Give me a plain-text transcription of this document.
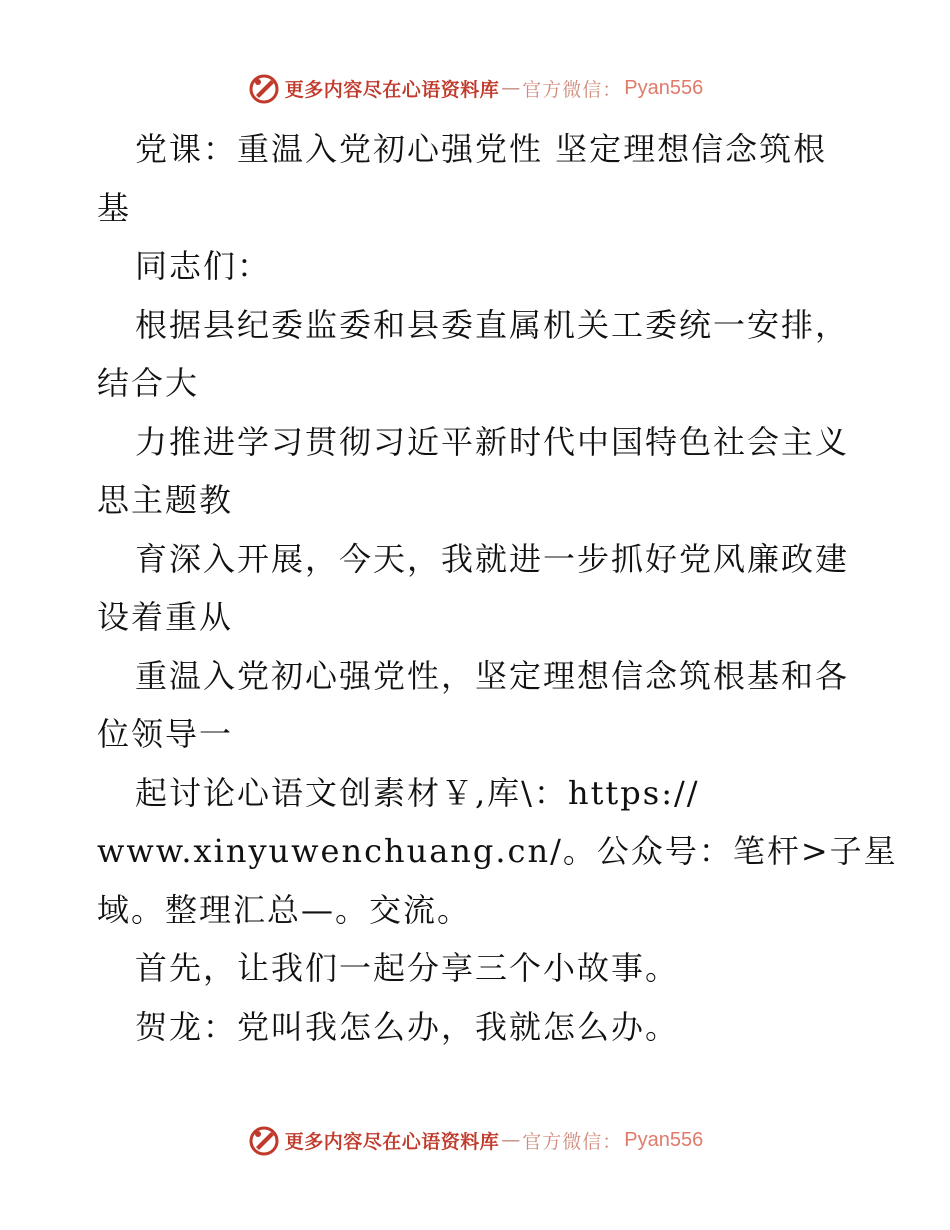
更多内容尽在心语资料库 — 官方微信： Pyan556
党课：重温入党初心强党性 坚定理想信念筑根
基
同志们：
根据县纪委监委和县委直属机关工委统一安排，
结合大
力推进学习贯彻习近平新时代中国特色社会主义
思主题教
育深入开展，今天，我就进一步抓好党风廉政建
设着重从
重温入党初心强党性，坚定理想信念筑根基和各
位领导一
起讨论心语文创素材￥,库\：https://
www.xinyuwenchuang.cn/。公众号：笔杆>子星
域。整理汇总—。交流。
首先，让我们一起分享三个小故事。
贺龙：党叫我怎么办，我就怎么办。
更多内容尽在心语资料库 — 官方微信： Pyan556
